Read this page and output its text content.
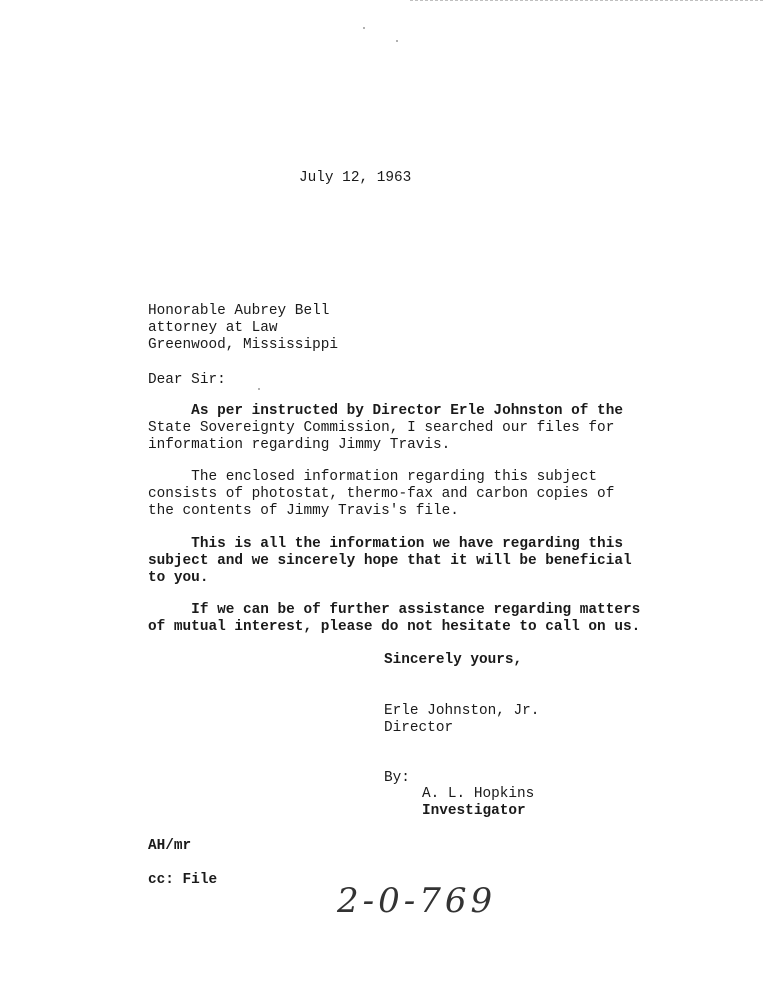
July 12, 1963
Honorable Aubrey Bell
attorney at Law
Greenwood, Mississippi
Dear Sir:
As per instructed by Director Erle Johnston of the
State Sovereignty Commission, I searched our files for
information regarding Jimmy Travis.
The enclosed information regarding this subject
consists of photostat, thermo-fax and carbon copies of
the contents of Jimmy Travis's file.
This is all the information we have regarding this
subject and we sincerely hope that it will be beneficial
to you.
If we can be of further assistance regarding matters
of mutual interest, please do not hesitate to call on us.
Sincerely yours,
Erle Johnston, Jr.
Director
By:
A. L. Hopkins
Investigator
AH/mr
cc: File
2-0-769
